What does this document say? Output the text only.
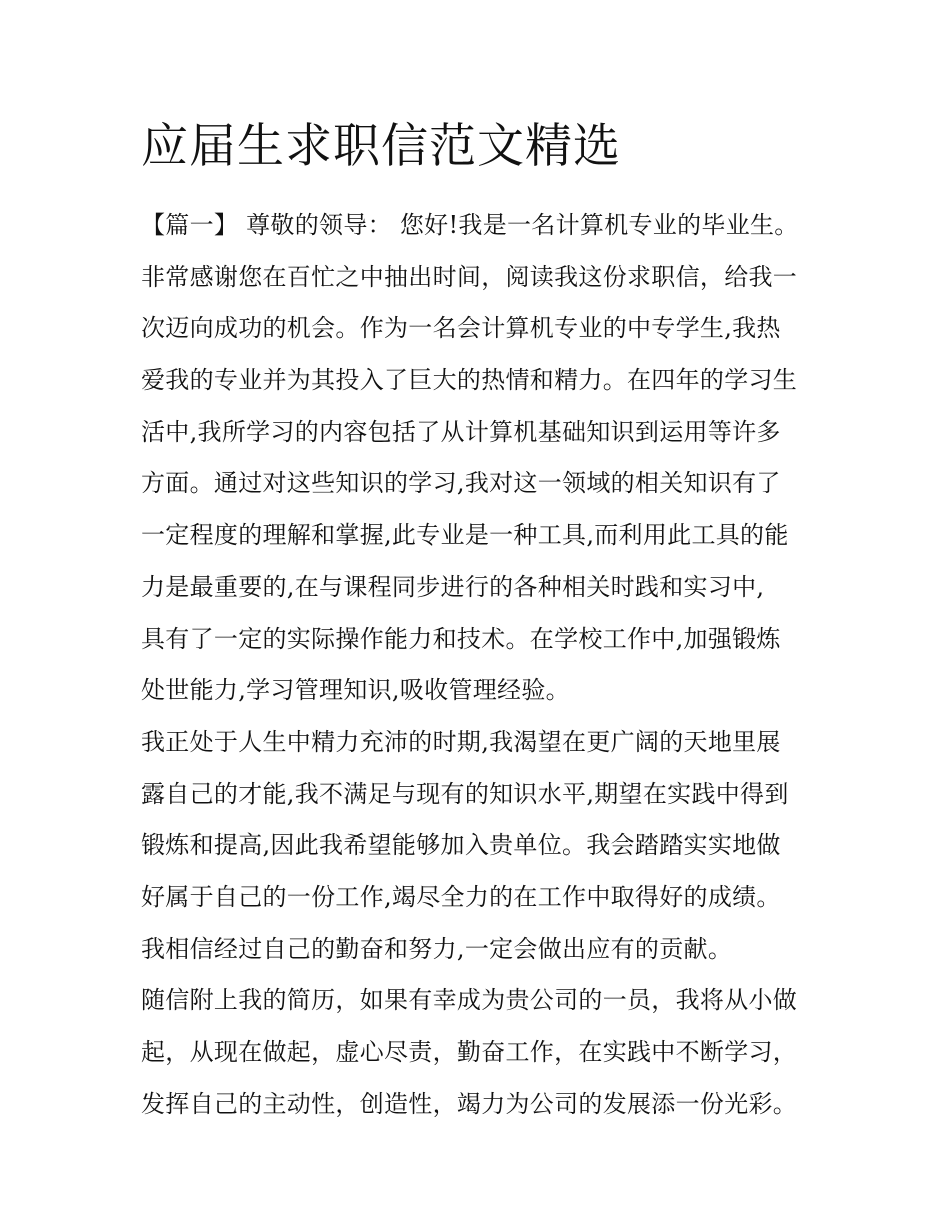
应届生求职信范文精选
【篇一】 尊敬的领导： 您好!我是一名计算机专业的毕业生。
非常感谢您在百忙之中抽出时间，阅读我这份求职信，给我一
次迈向成功的机会。作为一名会计算机专业的中专学生,我热
爱我的专业并为其投入了巨大的热情和精力。在四年的学习生
活中,我所学习的内容包括了从计算机基础知识到运用等许多
方面。通过对这些知识的学习,我对这一领域的相关知识有了
一定程度的理解和掌握,此专业是一种工具,而利用此工具的能
力是最重要的,在与课程同步进行的各种相关时践和实习中,
具有了一定的实际操作能力和技术。在学校工作中,加强锻炼
处世能力,学习管理知识,吸收管理经验。
我正处于人生中精力充沛的时期,我渴望在更广阔的天地里展
露自己的才能,我不满足与现有的知识水平,期望在实践中得到
锻炼和提高,因此我希望能够加入贵单位。我会踏踏实实地做
好属于自己的一份工作,竭尽全力的在工作中取得好的成绩。
我相信经过自己的勤奋和努力,一定会做出应有的贡献。
随信附上我的简历，如果有幸成为贵公司的一员，我将从小做
起，从现在做起，虚心尽责，勤奋工作，在实践中不断学习，
发挥自己的主动性，创造性，竭力为公司的发展添一份光彩。
